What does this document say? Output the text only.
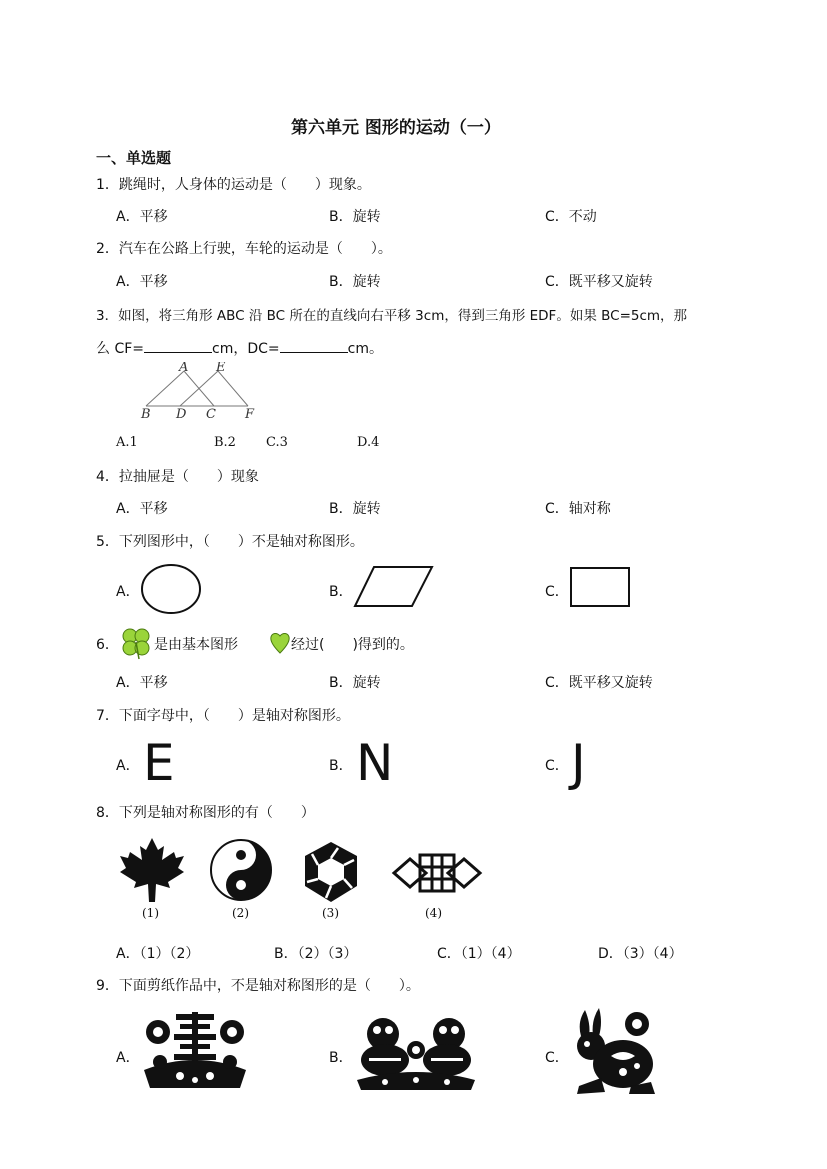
第六单元 图形的运动（一）
一、单选题
1．跳绳时，人身体的运动是（　　）现象。
A．平移	B．旋转	C．不动
2．汽车在公路上行驶，车轮的运动是（　　）。
A．平移	B．旋转	C．既平移又旋转
3．如图，将三角形 ABC 沿 BC 所在的直线向右平移 3cm，得到三角形 EDF。如果 BC=5cm，那
么 CF=	cm，DC=	cm。
A E
B D C F
A.1	B.2 C.3	D.4
4．拉抽屉是（　　）现象
A．平移	B．旋转	C．轴对称
5．下列图形中，（　　）不是轴对称图形。
A．	B．	C．
6．	是由基本图形	经过(　　)得到的。
A．平移	B．旋转	C．既平移又旋转
7．下面字母中，（　　）是轴对称图形。
A． E	B． N	C． J
8．下列是轴对称图形的有（　　）
(1)	(2)	(3)	(4)
A．（1）（2）	B．（2）（3）	C．（1）（4）	D．（3）（4）
9．下面剪纸作品中，不是轴对称图形的是（　　）。
A．	B．	C．
